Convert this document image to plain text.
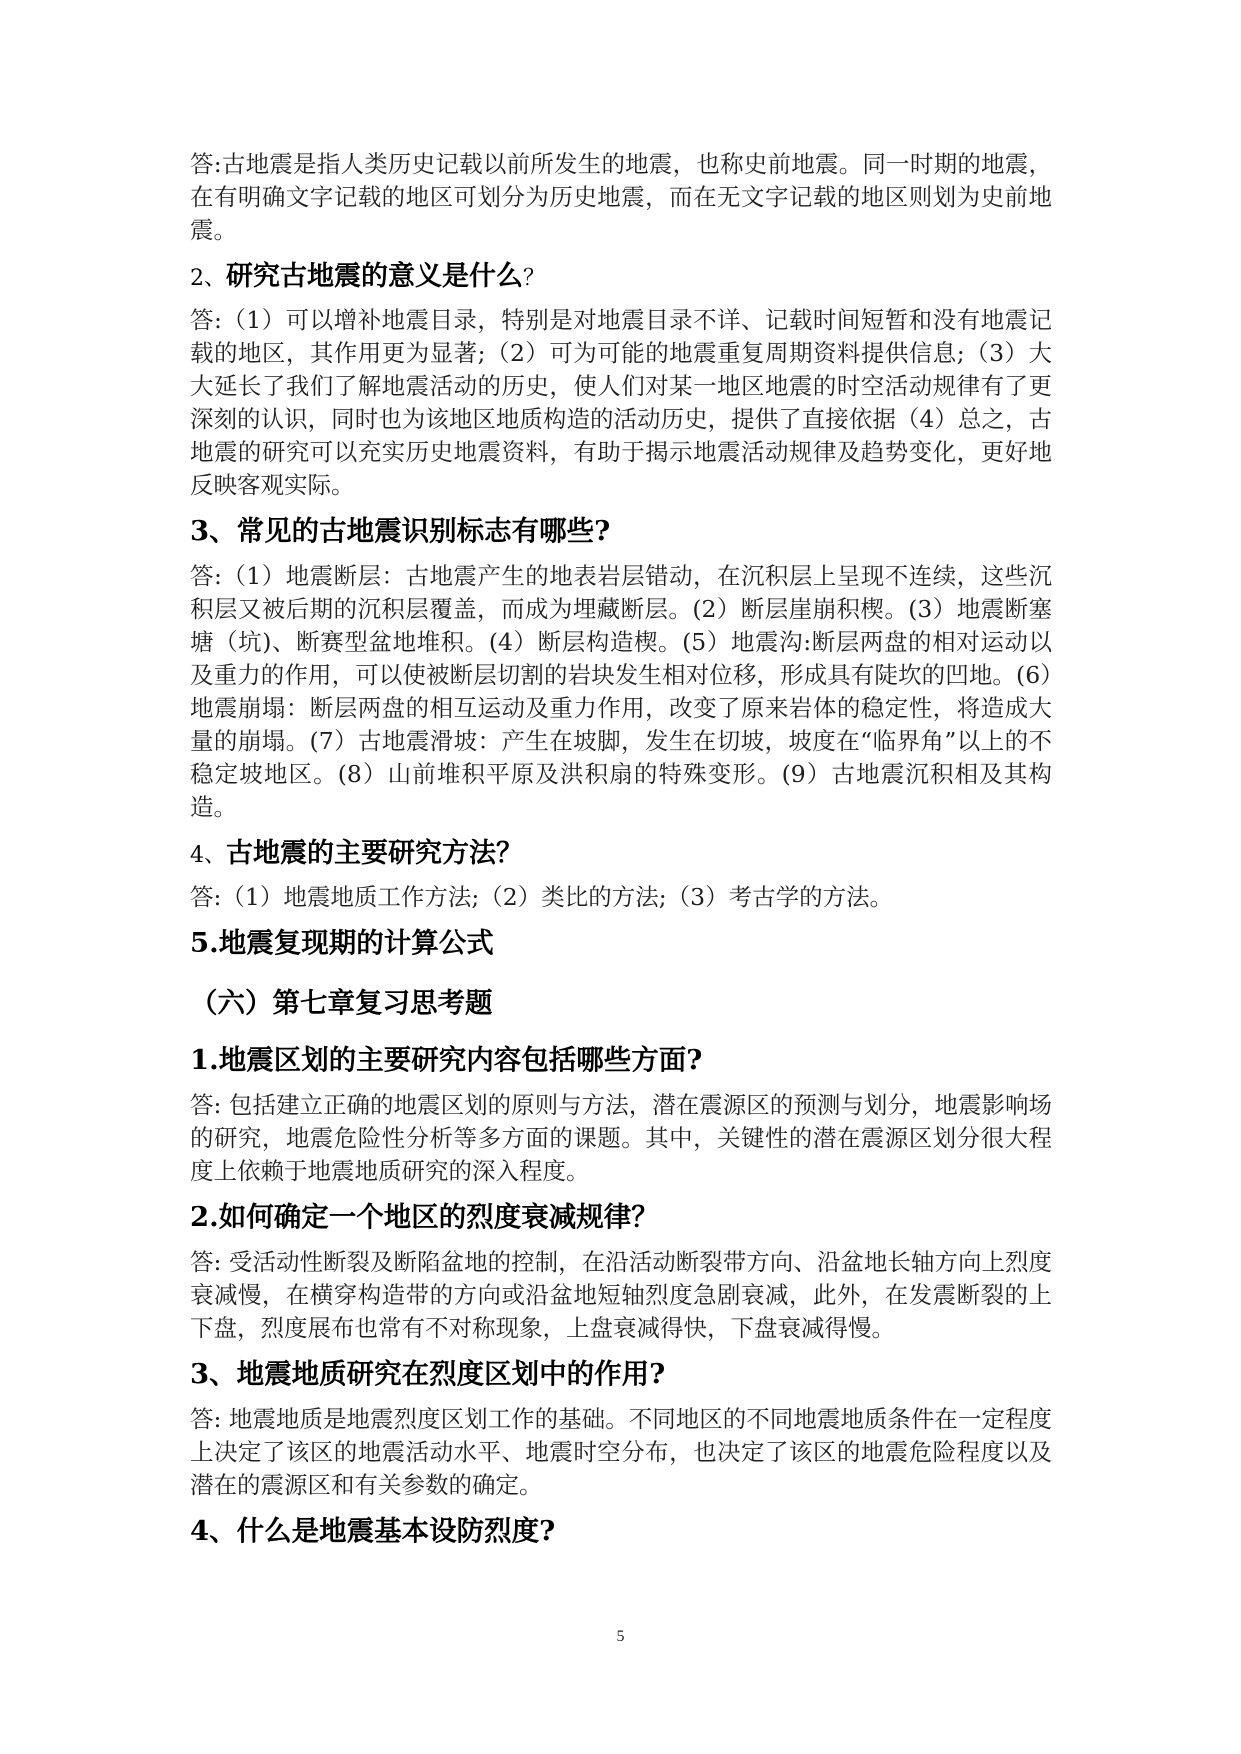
答:古地震是指人类历史记载以前所发生的地震，也称史前地震。同一时期的地震，在有明确文字记载的地区可划分为历史地震，而在无文字记载的地区则划为史前地震。

2、研究古地震的意义是什么？

答:（1）可以增补地震目录，特别是对地震目录不详、记载时间短暂和没有地震记载的地区，其作用更为显著;（2）可为可能的地震重复周期资料提供信息;（3）大大延长了我们了解地震活动的历史，使人们对某一地区地震的时空活动规律有了更深刻的认识，同时也为该地区地质构造的活动历史，提供了直接依据（4）总之，古地震的研究可以充实历史地震资料，有助于揭示地震活动规律及趋势变化，更好地反映客观实际。

3、常见的古地震识别标志有哪些?

答:（1）地震断层：古地震产生的地表岩层错动，在沉积层上呈现不连续，这些沉积层又被后期的沉积层覆盖，而成为埋藏断层。(2）断层崖崩积楔。(3）地震断塞塘（坑)、断赛型盆地堆积。(4）断层构造楔。(5）地震沟:断层两盘的相对运动以及重力的作用，可以使被断层切割的岩块发生相对位移，形成具有陡坎的凹地。(6）地震崩塌：断层两盘的相互运动及重力作用，改变了原来岩体的稳定性，将造成大量的崩塌。(7）古地震滑坡：产生在坡脚，发生在切坡，坡度在“临界角”以上的不稳定坡地区。(8）山前堆积平原及洪积扇的特殊变形。(9）古地震沉积相及其构造。

4、古地震的主要研究方法？

答:（1）地震地质工作方法;（2）类比的方法;（3）考古学的方法。

5.地震复现期的计算公式
（六）第七章复习思考题
1.地震区划的主要研究内容包括哪些方面?

答: 包括建立正确的地震区划的原则与方法，潜在震源区的预测与划分，地震影响场的研究，地震危险性分析等多方面的课题。其中，关键性的潜在震源区划分很大程度上依赖于地震地质研究的深入程度。

2.如何确定一个地区的烈度衰减规律？

答: 受活动性断裂及断陷盆地的控制，在沿活动断裂带方向、沿盆地长轴方向上烈度衰减慢，在横穿构造带的方向或沿盆地短轴烈度急剧衰减，此外，在发震断裂的上下盘，烈度展布也常有不对称现象，上盘衰减得快，下盘衰减得慢。

3、地震地质研究在烈度区划中的作用?

答: 地震地质是地震烈度区划工作的基础。不同地区的不同地震地质条件在一定程度上决定了该区的地震活动水平、地震时空分布，也决定了该区的地震危险程度以及潜在的震源区和有关参数的确定。

4、什么是地震基本设防烈度?
5
